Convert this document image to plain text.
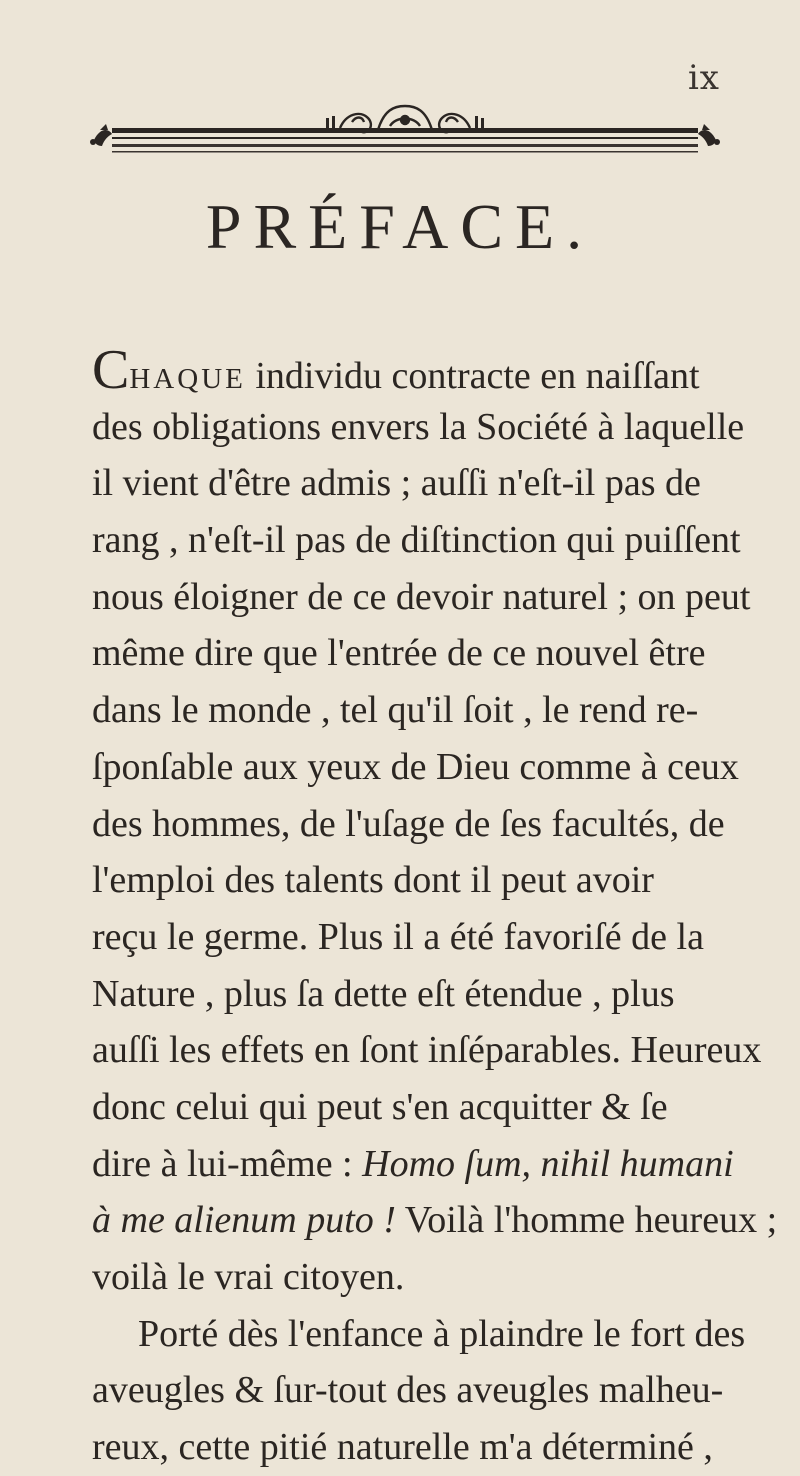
ix
PRÉFACE.
CHAQUE individu contracte en naiſſant
des obligations envers la Société à laquelle
il vient d'être admis ; auſſi n'eſt-il pas de
rang , n'eſt-il pas de diſtinction qui puiſſent
nous éloigner de ce devoir naturel ; on peut
même dire que l'entrée de ce nouvel être
dans le monde , tel qu'il ſoit , le rend re-
ſponſable aux yeux de Dieu comme à ceux
des hommes, de l'uſage de ſes facultés, de
l'emploi des talents dont il peut avoir
reçu le germe. Plus il a été favoriſé de la
Nature , plus ſa dette eſt étendue , plus
auſſi les effets en ſont inſéparables. Heureux
donc celui qui peut s'en acquitter & ſe
dire à lui-même : Homo ſum, nihil humani
à me alienum puto ! Voilà l'homme heureux ;
voilà le vrai citoyen.
Porté dès l'enfance à plaindre le fort des
aveugles & ſur-tout des aveugles malheu-
reux, cette pitié naturelle m'a déterminé ,
